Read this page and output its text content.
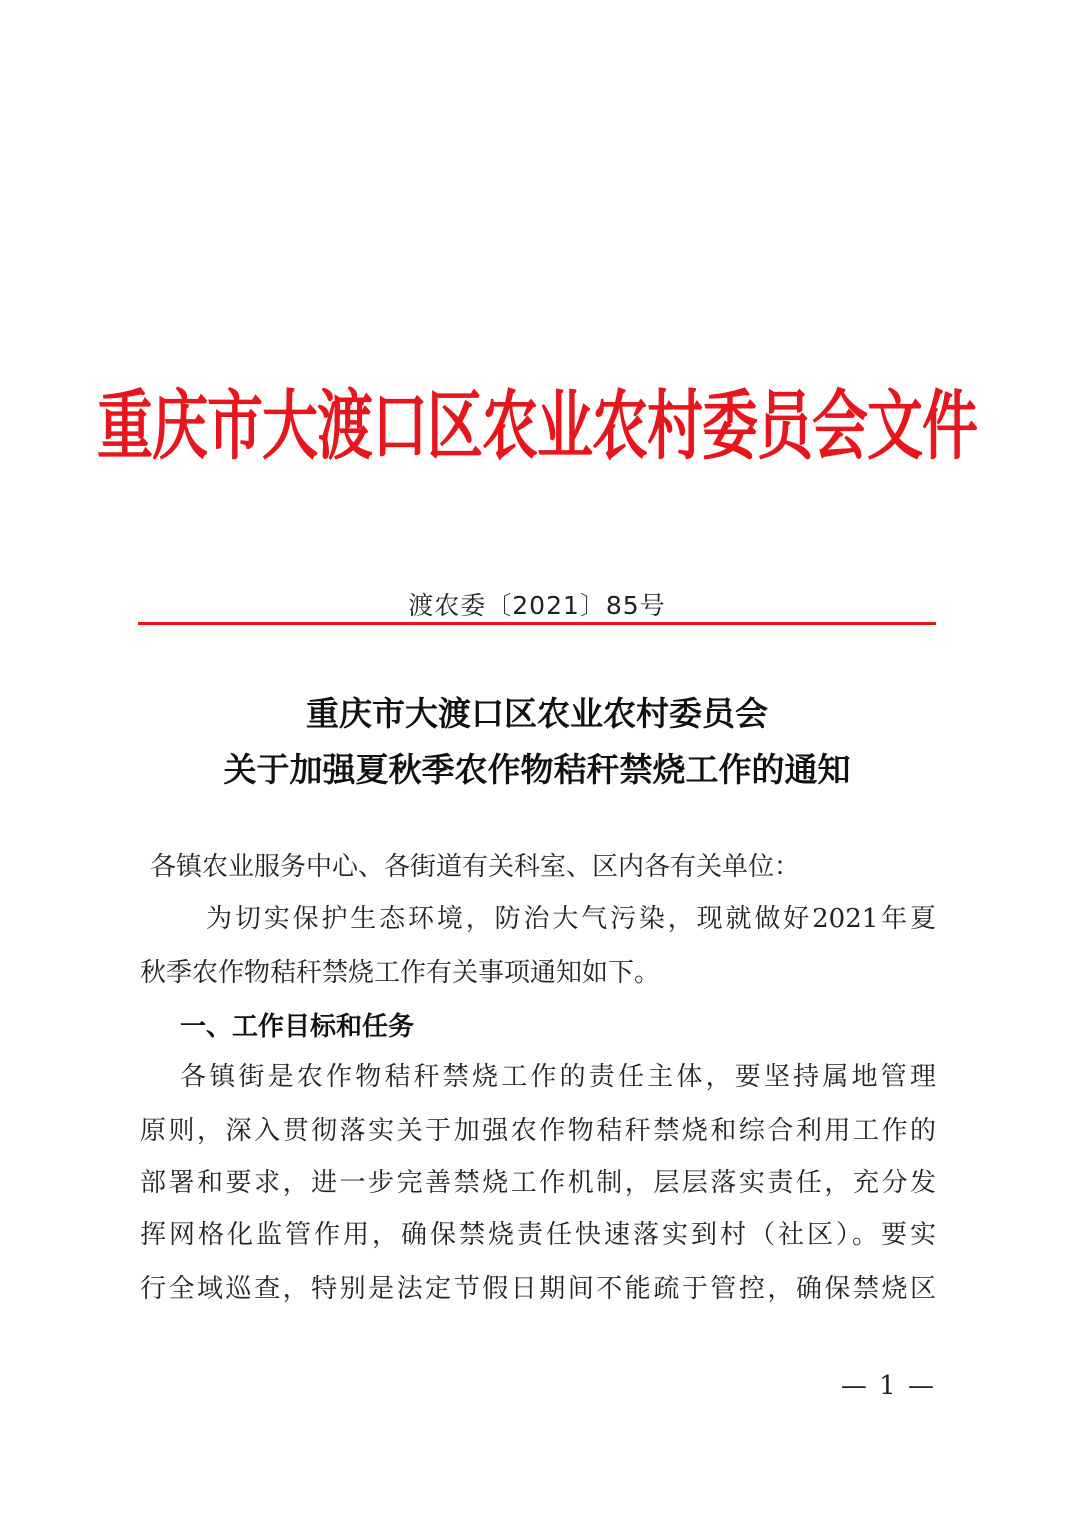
重庆市大渡口区农业农村委员会文件
渡农委〔2021〕85号
重庆市大渡口区农业农村委员会
关于加强夏秋季农作物秸秆禁烧工作的通知
各镇农业服务中心、各街道有关科室、区内各有关单位：
为切实保护生态环境，防治大气污染，现就做好2021年夏
秋季农作物秸秆禁烧工作有关事项通知如下。
一、工作目标和任务
各镇街是农作物秸秆禁烧工作的责任主体，要坚持属地管理
原则，深入贯彻落实关于加强农作物秸秆禁烧和综合利用工作的
部署和要求，进一步完善禁烧工作机制，层层落实责任，充分发
挥网格化监管作用，确保禁烧责任快速落实到村（社区）。要实
行全域巡查，特别是法定节假日期间不能疏于管控，确保禁烧区
— 1 —
